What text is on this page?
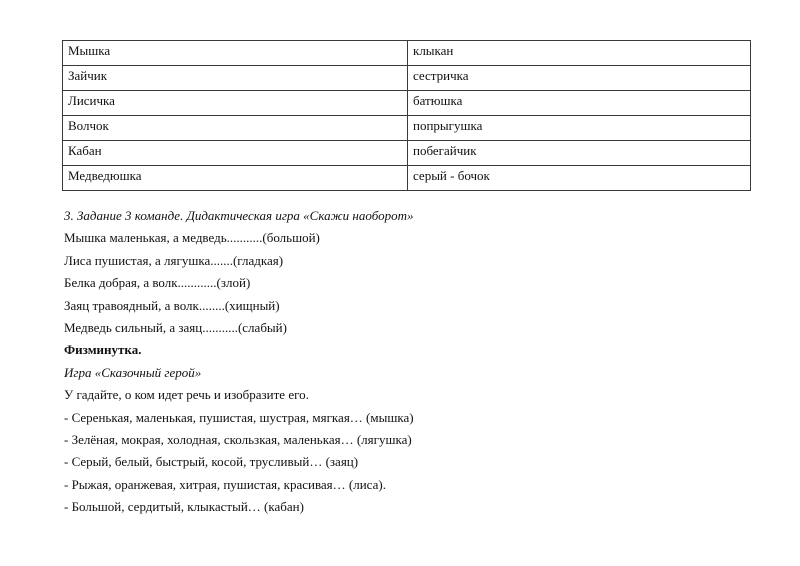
Мышка	клыкан
Зайчик	сестричка
Лисичка	батюшка
Волчок	попрыгушка
Кабан	побегайчик
Медведюшка	серый - бочок
3. Задание 3 команде. Дидактическая игра «Скажи наоборот»
Мышка маленькая, а медведь...........(большой)
Лиса пушистая, а лягушка.......(гладкая)
Белка добрая, а волк............(злой)
Заяц травоядный, а волк........(хищный)
Медведь сильный, а заяц...........(слабый)
Физминутка.
Игра «Сказочный герой»
У гадайте, о ком идет речь и изобразите его.
- Серенькая, маленькая, пушистая, шустрая, мягкая… (мышка)
- Зелёная, мокрая, холодная, скользкая, маленькая… (лягушка)
- Серый, белый, быстрый, косой, трусливый… (заяц)
- Рыжая, оранжевая, хитрая, пушистая, красивая… (лиса).
- Большой, сердитый, клыкастый… (кабан)
